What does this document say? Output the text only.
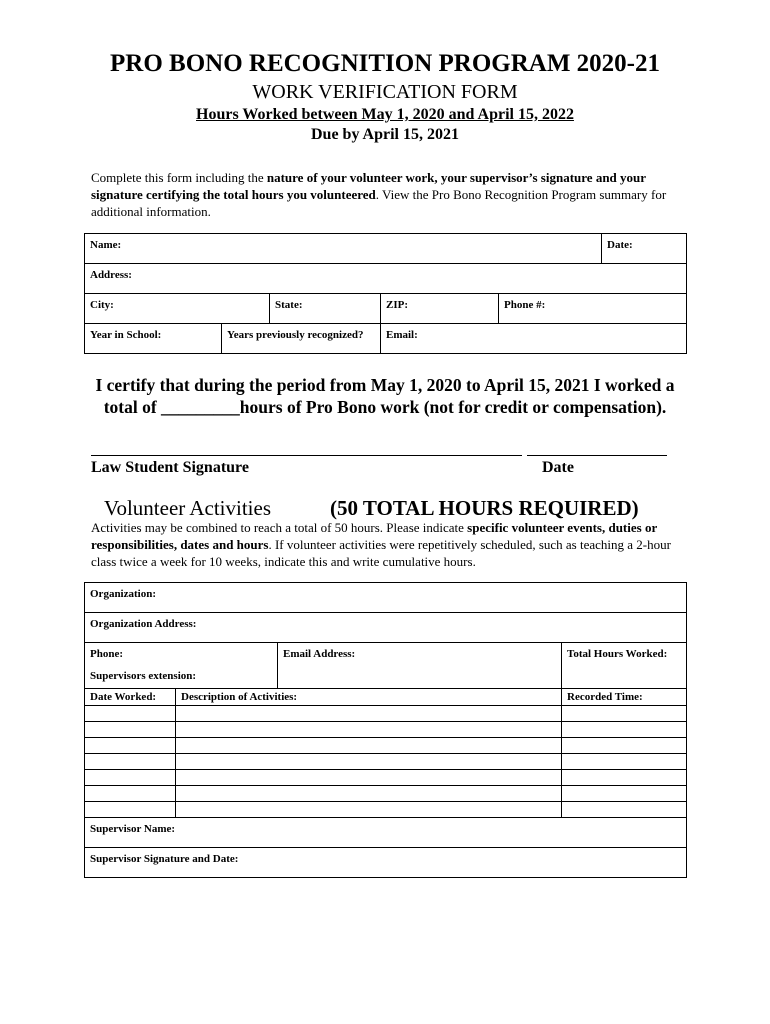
PRO BONO RECOGNITION PROGRAM 2020-21
WORK VERIFICATION FORM
Hours Worked between May 1, 2020 and April 15, 2022
Due by April 15, 2021
Complete this form including the nature of your volunteer work, your supervisor’s signature and your signature certifying the total hours you volunteered. View the Pro Bono Recognition Program summary for additional information.
Name:					Date:
Address:					
City:		State:	ZIP:	Phone #:	
Year in School:	Years previously recognized?		Email:		
I certify that during the period from May 1, 2020 to April 15, 2021 I worked a
total of _________hours of Pro Bono work (not for credit or compensation).
Law Student Signature	Date
Volunteer Activities	(50 TOTAL HOURS REQUIRED)
Activities may be combined to reach a total of 50 hours. Please indicate specific volunteer events, duties or responsibilities, dates and hours. If volunteer activities were repetitively scheduled, such as teaching a 2-hour class twice a week for 10 weeks, indicate this and write cumulative hours.
Organization:			
Organization Address:			

Phone:
Supervisors extension:		Email Address:	Total Hours Worked:
Date Worked:	Description of Activities:		Recorded Time:

Supervisor Name:			
Supervisor Signature and Date:			
